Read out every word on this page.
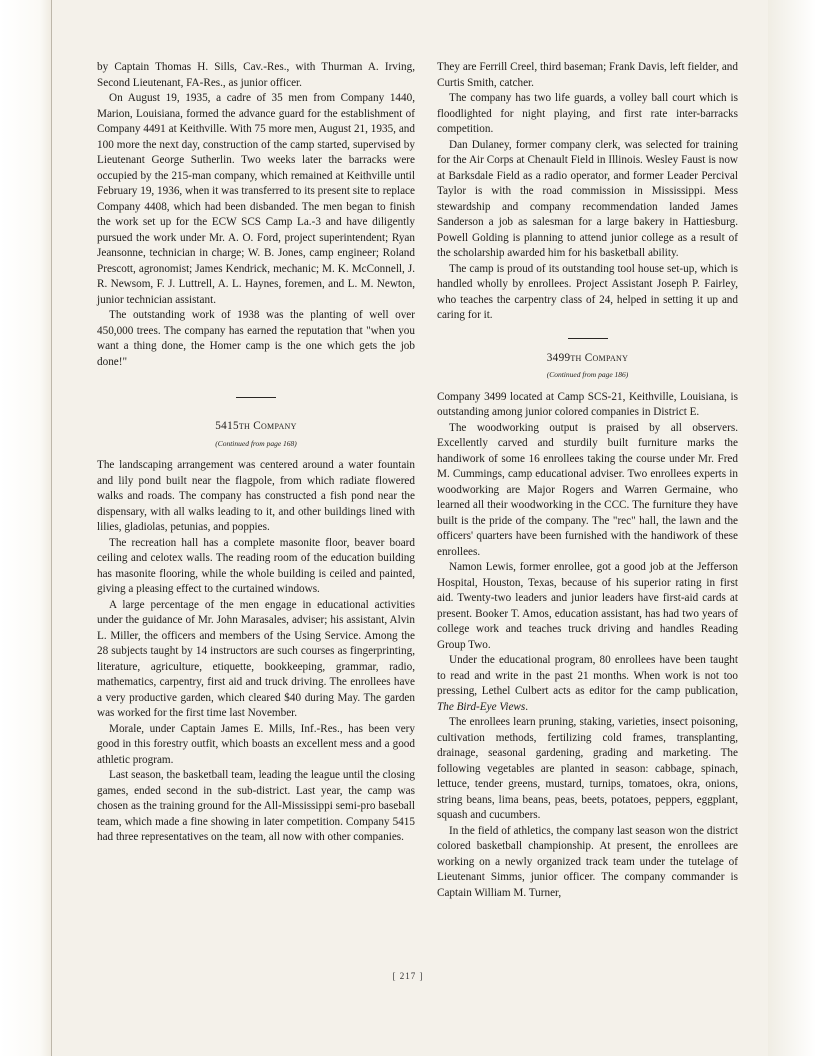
by Captain Thomas H. Sills, Cav.-Res., with Thurman A. Irving, Second Lieutenant, FA-Res., as junior officer.

On August 19, 1935, a cadre of 35 men from Company 1440, Marion, Louisiana, formed the advance guard for the establishment of Company 4491 at Keithville. With 75 more men, August 21, 1935, and 100 more the next day, construction of the camp started, supervised by Lieutenant George Sutherlin. Two weeks later the barracks were occupied by the 215-man company, which remained at Keithville until February 19, 1936, when it was transferred to its present site to replace Company 4408, which had been disbanded. The men began to finish the work set up for the ECW SCS Camp La.-3 and have diligently pursued the work under Mr. A. O. Ford, project superintendent; Ryan Jeansonne, technician in charge; W. B. Jones, camp engineer; Roland Prescott, agronomist; James Kendrick, mechanic; M. K. McConnell, J. R. Newsom, F. J. Luttrell, A. L. Haynes, foremen, and L. M. Newton, junior technician assistant.

The outstanding work of 1938 was the planting of well over 450,000 trees. The company has earned the reputation that "when you want a thing done, the Homer camp is the one which gets the job done!"

5415th Company
(Continued from page 168)

The landscaping arrangement was centered around a water fountain and lily pond built near the flagpole, from which radiate flowered walks and roads. The company has constructed a fish pond near the dispensary, with all walks leading to it, and other buildings lined with lilies, gladiolas, petunias, and poppies.

The recreation hall has a complete masonite floor, beaver board ceiling and celotex walls. The reading room of the education building has masonite flooring, while the whole building is ceiled and painted, giving a pleasing effect to the curtained windows.

A large percentage of the men engage in educational activities under the guidance of Mr. John Marasales, adviser; his assistant, Alvin L. Miller, the officers and members of the Using Service. Among the 28 subjects taught by 14 instructors are such courses as fingerprinting, literature, agriculture, etiquette, bookkeeping, grammar, radio, mathematics, carpentry, first aid and truck driving. The enrollees have a very productive garden, which cleared $40 during May. The garden was worked for the first time last November.

Morale, under Captain James E. Mills, Inf.-Res., has been very good in this forestry outfit, which boasts an excellent mess and a good athletic program.

Last season, the basketball team, leading the league until the closing games, ended second in the sub-district. Last year, the camp was chosen as the training ground for the All-Mississippi semi-pro baseball team, which made a fine showing in later competition. Company 5415 had three representatives on the team, all now with other companies.

They are Ferrill Creel, third baseman; Frank Davis, left fielder, and Curtis Smith, catcher.

The company has two life guards, a volley ball court which is floodlighted for night playing, and first rate inter-barracks competition.

Dan Dulaney, former company clerk, was selected for training for the Air Corps at Chenault Field in Illinois. Wesley Faust is now at Barksdale Field as a radio operator, and former Leader Percival Taylor is with the road commission in Mississippi. Mess stewardship and company recommendation landed James Sanderson a job as salesman for a large bakery in Hattiesburg. Powell Golding is planning to attend junior college as a result of the scholarship awarded him for his basketball ability.

The camp is proud of its outstanding tool house set-up, which is handled wholly by enrollees. Project Assistant Joseph P. Fairley, who teaches the carpentry class of 24, helped in setting it up and caring for it.

3499th Company
(Continued from page 186)

Company 3499 located at Camp SCS-21, Keithville, Louisiana, is outstanding among junior colored companies in District E.

The woodworking output is praised by all observers. Excellently carved and sturdily built furniture marks the handiwork of some 16 enrollees taking the course under Mr. Fred M. Cummings, camp educational adviser. Two enrollees experts in woodworking are Major Rogers and Warren Germaine, who learned all their woodworking in the CCC. The furniture they have built is the pride of the company. The "rec" hall, the lawn and the officers' quarters have been furnished with the handiwork of these enrollees.

Namon Lewis, former enrollee, got a good job at the Jefferson Hospital, Houston, Texas, because of his superior rating in first aid. Twenty-two leaders and junior leaders have first-aid cards at present. Booker T. Amos, education assistant, has had two years of college work and teaches truck driving and handles Reading Group Two.

Under the educational program, 80 enrollees have been taught to read and write in the past 21 months. When work is not too pressing, Lethel Culbert acts as editor for the camp publication, The Bird-Eye Views.

The enrollees learn pruning, staking, varieties, insect poisoning, cultivation methods, fertilizing cold frames, transplanting, drainage, seasonal gardening, grading and marketing. The following vegetables are planted in season: cabbage, spinach, lettuce, tender greens, mustard, turnips, tomatoes, okra, onions, string beans, lima beans, peas, beets, potatoes, peppers, eggplant, squash and cucumbers.

In the field of athletics, the company last season won the district colored basketball championship. At present, the enrollees are working on a newly organized track team under the tutelage of Lieutenant Simms, junior officer. The company commander is Captain William M. Turner,

[ 217 ]
